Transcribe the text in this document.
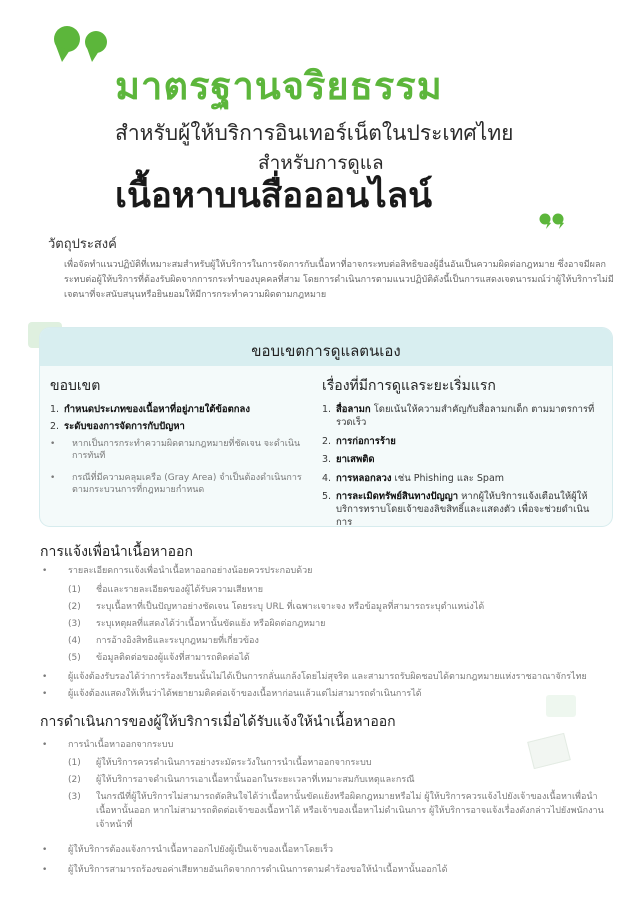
มาตรฐานจริยธรรม
สำหรับผู้ให้บริการอินเทอร์เน็ตในประเทศไทย
สำหรับการดูแล
เนื้อหาบนสื่อออนไลน์
วัตถุประสงค์
เพื่อจัดทำแนวปฏิบัติที่เหมาะสมสำหรับผู้ให้บริการในการจัดการกับเนื้อหาที่อาจกระทบต่อสิทธิของผู้อื่นอันเป็นความผิดต่อกฎหมาย ซึ่งอาจมีผลกระทบต่อผู้ให้บริการที่ต้องรับผิดจากการกระทำของบุคคลที่สาม โดยการดำเนินการตามแนวปฏิบัติดังนี้เป็นการแสดงเจตนารมณ์ว่าผู้ให้บริการไม่มีเจตนาที่จะสนับสนุนหรือยินยอมให้มีการกระทำความผิดตามกฎหมาย
ขอบเขตการดูแลตนเอง
ขอบเขต
1. กำหนดประเภทของเนื้อหาที่อยู่ภายใต้ข้อตกลง
2. ระดับของการจัดการกับปัญหา
• หากเป็นการกระทำความผิดตามกฎหมายที่ชัดเจน จะดำเนินการทันที
• กรณีที่มีความคลุมเครือ (Gray Area) จำเป็นต้องดำเนินการตามกระบวนการที่กฎหมายกำหนด
เรื่องที่มีการดูแลระยะเริ่มแรก
1. สื่อลามก โดยเน้นให้ความสำคัญกับสื่อลามกเด็ก ตามมาตรการที่รวดเร็ว
2. การก่อการร้าย
3. ยาเสพติด
4. การหลอกลวง เช่น Phishing และ Spam
5. การละเมิดทรัพย์สินทางปัญญา หากผู้ให้บริการแจ้งเตือนให้ผู้ให้บริการทราบโดยเจ้าของลิขสิทธิ์และแสดงตัว เพื่อจะช่วยดำเนินการ
การแจ้งเพื่อนำเนื้อหาออก
• รายละเอียดการแจ้งเพื่อนำเนื้อหาออกอย่างน้อยควรประกอบด้วย
(1) ชื่อและรายละเอียดของผู้ได้รับความเสียหาย
(2) ระบุเนื้อหาที่เป็นปัญหาอย่างชัดเจน โดยระบุ URL ที่เฉพาะเจาะจง หรือข้อมูลที่สามารถระบุตำแหน่งได้
(3) ระบุเหตุผลที่แสดงได้ว่าเนื้อหานั้นขัดแย้ง หรือผิดต่อกฎหมาย
(4) การอ้างอิงสิทธิและระบุกฎหมายที่เกี่ยวข้อง
(5) ข้อมูลติดต่อของผู้แจ้งที่สามารถติดต่อได้
• ผู้แจ้งต้องรับรองได้ว่าการร้องเรียนนั้นไม่ได้เป็นการกลั่นแกล้งโดยไม่สุจริต และสามารถรับผิดชอบได้ตามกฎหมายแห่งราชอาณาจักรไทย
• ผู้แจ้งต้องแสดงให้เห็นว่าได้พยายามติดต่อเจ้าของเนื้อหาก่อนแล้วแต่ไม่สามารถดำเนินการได้
การดำเนินการของผู้ให้บริการเมื่อได้รับแจ้งให้นำเนื้อหาออก
• การนำเนื้อหาออกจากระบบ
(1) ผู้ให้บริการควรดำเนินการอย่างระมัดระวังในการนำเนื้อหาออกจากระบบ
(2) ผู้ให้บริการอาจดำเนินการเอาเนื้อหานั้นออกในระยะเวลาที่เหมาะสมกับเหตุและกรณี
(3) ในกรณีที่ผู้ให้บริการไม่สามารถตัดสินใจได้ว่าเนื้อหานั้นขัดแย้งหรือผิดกฎหมายหรือไม่ ผู้ให้บริการควรแจ้งไปยังเจ้าของเนื้อหาเพื่อนำเนื้อหานั้นออก หากไม่สามารถติดต่อเจ้าของเนื้อหาได้ หรือเจ้าของเนื้อหาไม่ดำเนินการ ผู้ให้บริการอาจแจ้งเรื่องดังกล่าวไปยังพนักงานเจ้าหน้าที่
• ผู้ให้บริการต้องแจ้งการนำเนื้อหาออกไปยังผู้เป็นเจ้าของเนื้อหาโดยเร็ว
• ผู้ให้บริการสามารถร้องขอค่าเสียหายอันเกิดจากการดำเนินการตามคำร้องขอให้นำเนื้อหานั้นออกได้
